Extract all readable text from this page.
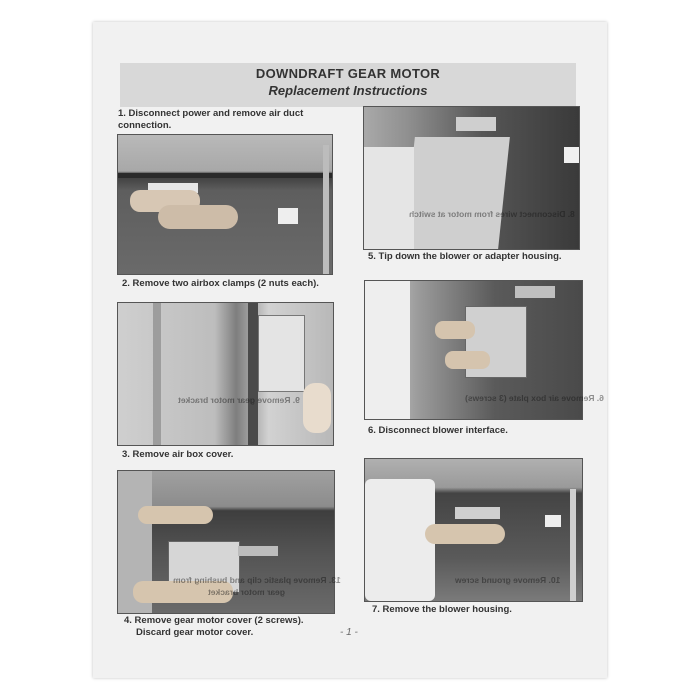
DOWNDRAFT GEAR MOTOR
Replacement Instructions
1. Disconnect power and remove air duct connection.
8. Disconnect wires from motor at switch
5. Tip down the blower or adapter housing.
2. Remove two airbox clamps (2 nuts each).
9. Remove gear motor bracket
3. Remove air box cover.
6. Remove air box plate (3 screws)
6. Disconnect blower interface.
13. Remove plastic clip and bushing from
gear motor bracket
4. Remove gear motor cover (2 screws).
Discard gear motor cover.
10. Remove ground screw
7. Remove the blower housing.
- 1 -
